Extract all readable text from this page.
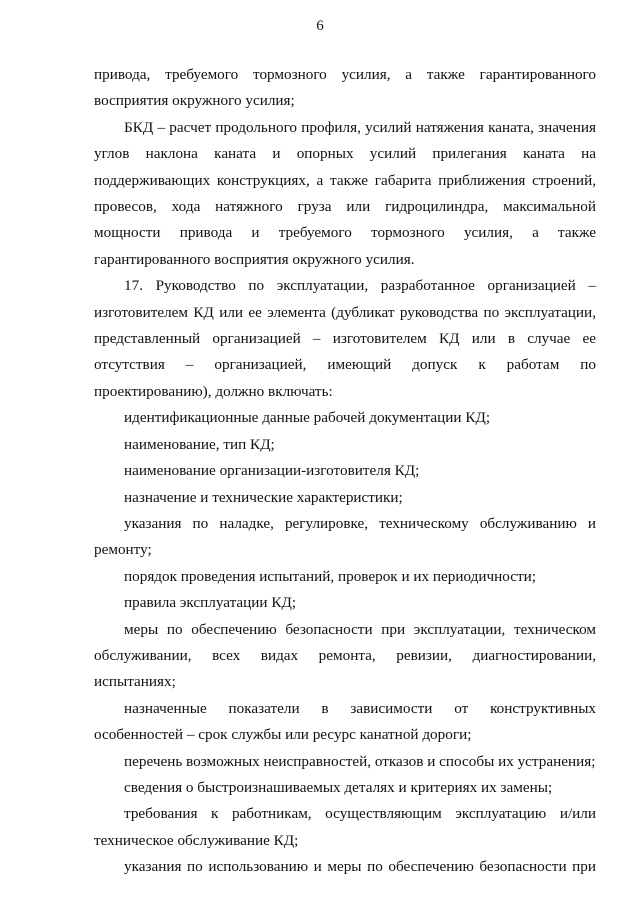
6

привода, требуемого тормозного усилия, а также гарантированного восприятия окружного усилия;

БКД – расчет продольного профиля, усилий натяжения каната, значения углов наклона каната и опорных усилий прилегания каната на поддерживающих конструкциях, а также габарита приближения строений, провесов, хода натяжного груза или гидроцилиндра, максимальной мощности привода и требуемого тормозного усилия, а также гарантированного восприятия окружного усилия.

17. Руководство по эксплуатации, разработанное организацией – изготовителем КД или ее элемента (дубликат руководства по эксплуатации, представленный организацией – изготовителем КД или в случае ее отсутствия – организацией, имеющий допуск к работам по проектированию), должно включать:

идентификационные данные рабочей документации КД;

наименование, тип КД;

наименование организации-изготовителя КД;

назначение и технические характеристики;

указания по наладке, регулировке, техническому обслуживанию и ремонту;

порядок проведения испытаний, проверок и их периодичности;

правила эксплуатации КД;

меры по обеспечению безопасности при эксплуатации, техническом обслуживании, всех видах ремонта, ревизии, диагностировании, испытаниях;

назначенные показатели в зависимости от конструктивных особенностей – срок службы или ресурс канатной дороги;

перечень возможных неисправностей, отказов и способы их устранения;

сведения о быстроизнашиваемых деталях и критериях их замены;

требования к работникам, осуществляющим эксплуатацию и/или техническое обслуживание КД;

указания по использованию и меры по обеспечению безопасности при
